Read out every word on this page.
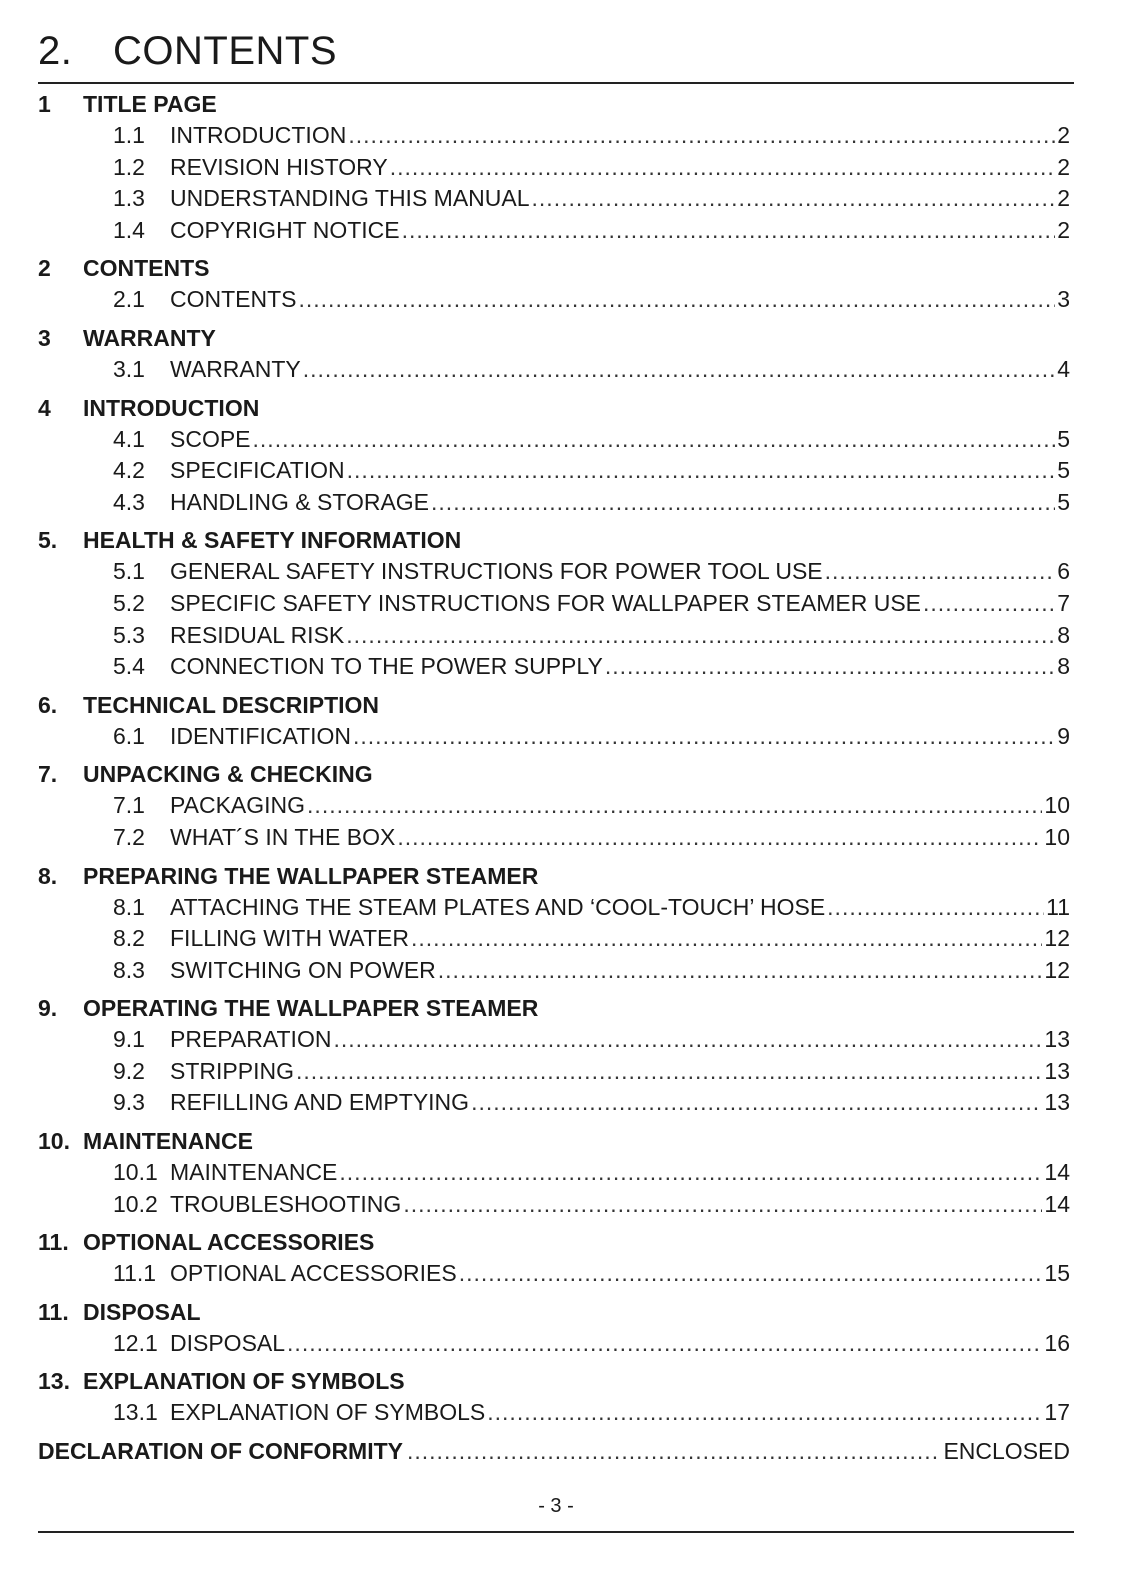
2. CONTENTS
1	TITLE PAGE
1.1	INTRODUCTION .....	2
1.2	REVISION HISTORY .....	2
1.3	UNDERSTANDING THIS MANUAL .....	2
1.4	COPYRIGHT NOTICE .....	2
2	CONTENTS
2.1	CONTENTS .....	3
3	WARRANTY
3.1	WARRANTY .....	4
4	INTRODUCTION
4.1	SCOPE .....	5
4.2	SPECIFICATION .....	5
4.3	HANDLING & STORAGE .....	5
5.	HEALTH & SAFETY INFORMATION
5.1	GENERAL SAFETY INSTRUCTIONS FOR POWER TOOL USE .....	6
5.2	SPECIFIC SAFETY INSTRUCTIONS FOR WALLPAPER STEAMER USE .....	7
5.3	RESIDUAL RISK .....	8
5.4	CONNECTION TO THE POWER SUPPLY .....	8
6.	TECHNICAL DESCRIPTION
6.1	IDENTIFICATION .....	9
7.	UNPACKING & CHECKING
7.1	PACKAGING .....	10
7.2	WHAT´S IN THE BOX .....	10
8.	PREPARING THE WALLPAPER STEAMER
8.1	ATTACHING THE STEAM PLATES AND ‘COOL-TOUCH’ HOSE .....	11
8.2	FILLING WITH WATER .....	12
8.3	SWITCHING ON POWER .....	12
9.	OPERATING THE WALLPAPER STEAMER
9.1	PREPARATION .....	13
9.2	STRIPPING .....	13
9.3	REFILLING AND EMPTYING .....	13
10. MAINTENANCE
10.1 MAINTENANCE .....	14
10.2 TROUBLESHOOTING .....	14
11. OPTIONAL ACCESSORIES
11.1 OPTIONAL ACCESSORIES .....	15
11. DISPOSAL
12.1 DISPOSAL .....	16
13. EXPLANATION OF SYMBOLS
13.1 EXPLANATION OF SYMBOLS .....	17
DECLARATION OF CONFORMITY .....	ENCLOSED
- 3 -
